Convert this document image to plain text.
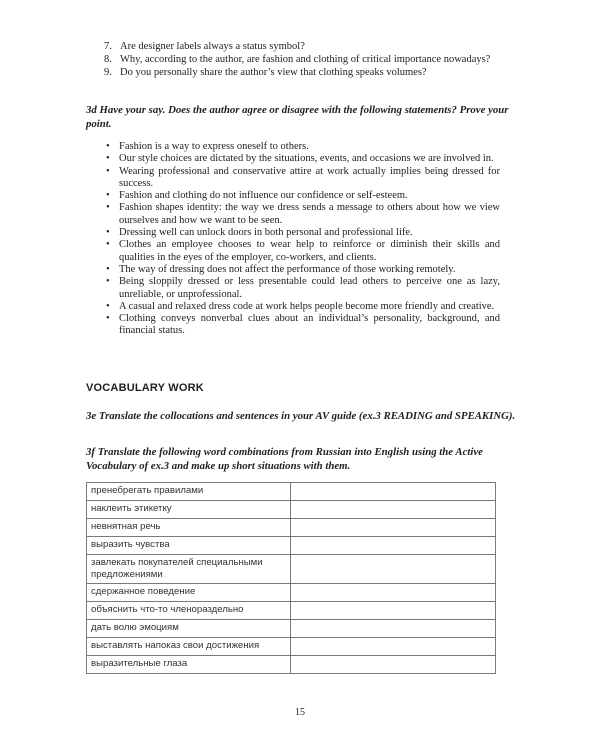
7. Are designer labels always a status symbol?
8. Why, according to the author, are fashion and clothing of critical importance nowadays?
9. Do you personally share the author’s view that clothing speaks volumes?

3d Have your say. Does the author agree or disagree with the following statements? Prove your point.

• Fashion is a way to express oneself to others.
• Our style choices are dictated by the situations, events, and occasions we are involved in.
• Wearing professional and conservative attire at work actually implies being dressed for success.
• Fashion and clothing do not influence our confidence or self-esteem.
• Fashion shapes identity: the way we dress sends a message to others about how we view ourselves and how we want to be seen.
• Dressing well can unlock doors in both personal and professional life.
• Clothes an employee chooses to wear help to reinforce or diminish their skills and qualities in the eyes of the employer, co-workers, and clients.
• The way of dressing does not affect the performance of those working remotely.
• Being sloppily dressed or less presentable could lead others to perceive one as lazy, unreliable, or unprofessional.
• A casual and relaxed dress code at work helps people become more friendly and creative.
• Clothing conveys nonverbal clues about an individual’s personality, background, and financial status.

VOCABULARY WORK

3e Translate the collocations and sentences in your AV guide (ex.3 READING and SPEAKING).

3f Translate the following word combinations from Russian into English using the Active Vocabulary of ex.3 and make up short situations with them.

пренебрегать правилами	
наклеить этикетку	
невнятная речь	
выразить чувства	
завлекать покупателей специальными предложениями	
сдержанное поведение	
объяснить что-то членораздельно	
дать волю эмоциям	
выставлять напоказ свои достижения	
выразительные глаза	
15
